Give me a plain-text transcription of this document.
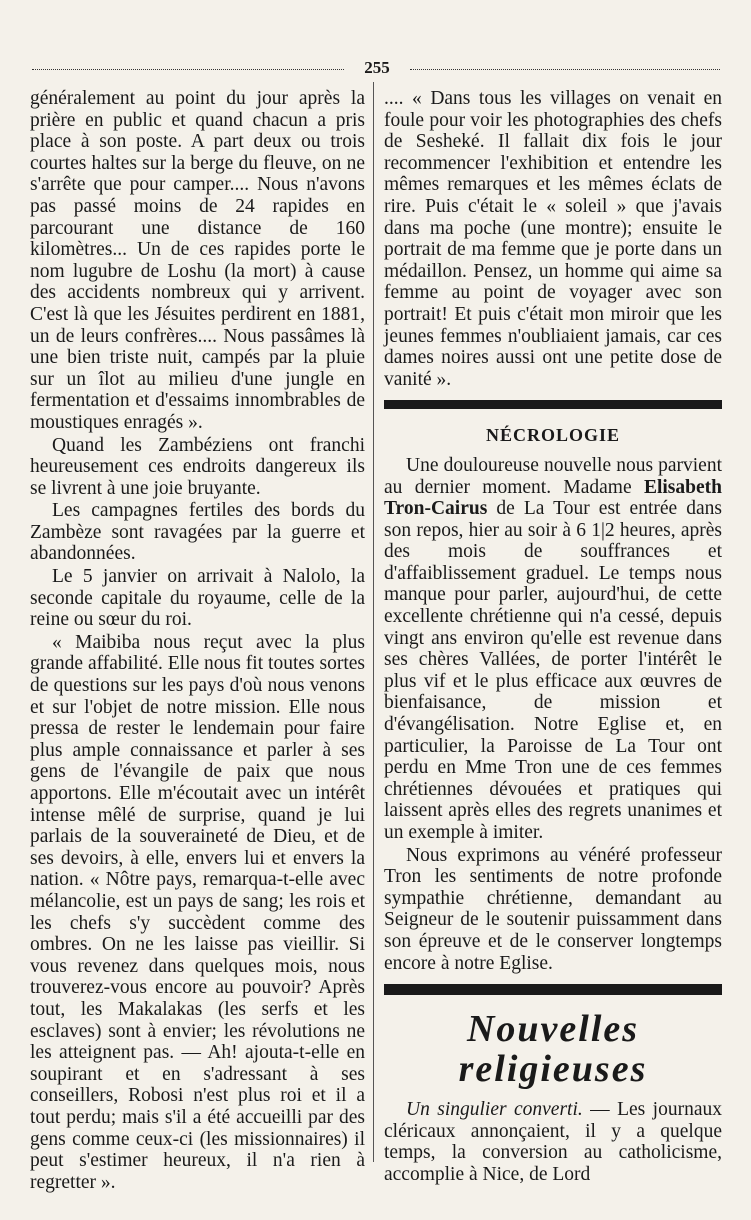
255

généralement au point du jour après la prière en public et quand chacun a pris place à son poste. A part deux ou trois courtes haltes sur la berge du fleuve, on ne s'arrête que pour camper.... Nous n'avons pas passé moins de 24 rapides en parcourant une distance de 160 kilomètres... Un de ces rapides porte le nom lugubre de Loshu (la mort) à cause des accidents nombreux qui y arrivent. C'est là que les Jésuites perdirent en 1881, un de leurs confrères.... Nous passâmes là une bien triste nuit, campés par la pluie sur un îlot au milieu d'une jungle en fermentation et d'essaims innombrables de moustiques enragés ».

Quand les Zambéziens ont franchi heureusement ces endroits dangereux ils se livrent à une joie bruyante.

Les campagnes fertiles des bords du Zambèze sont ravagées par la guerre et abandonnées.

Le 5 janvier on arrivait à Nalolo, la seconde capitale du royaume, celle de la reine ou sœur du roi.

« Maibiba nous reçut avec la plus grande affabilité. Elle nous fit toutes sortes de questions sur les pays d'où nous venons et sur l'objet de notre mission. Elle nous pressa de rester le lendemain pour faire plus ample connaissance et parler à ses gens de l'évangile de paix que nous apportons. Elle m'écoutait avec un intérêt intense mêlé de surprise, quand je lui parlais de la souveraineté de Dieu, et de ses devoirs, à elle, envers lui et envers la nation. « Nôtre pays, remarqua-t-elle avec mélancolie, est un pays de sang; les rois et les chefs s'y succèdent comme des ombres. On ne les laisse pas vieillir. Si vous revenez dans quelques mois, nous trouverez-vous encore au pouvoir? Après tout, les Makalakas (les serfs et les esclaves) sont à envier; les révolutions ne les atteignent pas. — Ah! ajouta-t-elle en soupirant et en s'adressant à ses conseillers, Robosi n'est plus roi et il a tout perdu; mais s'il a été accueilli par des gens comme ceux-ci (les missionnaires) il peut s'estimer heureux, il n'a rien à regretter ».

.... « Dans tous les villages on venait en foule pour voir les photographies des chefs de Sesheké. Il fallait dix fois le jour recommencer l'exhibition et entendre les mêmes remarques et les mêmes éclats de rire. Puis c'était le « soleil » que j'avais dans ma poche (une montre); ensuite le portrait de ma femme que je porte dans un médaillon. Pensez, un homme qui aime sa femme au point de voyager avec son portrait! Et puis c'était mon miroir que les jeunes femmes n'oubliaient jamais, car ces dames noires aussi ont une petite dose de vanité ».

NÉCROLOGIE

Une douloureuse nouvelle nous parvient au dernier moment. Madame Elisabeth Tron-Cairus de La Tour est entrée dans son repos, hier au soir à 6 1|2 heures, après des mois de souffrances et d'affaiblissement graduel. Le temps nous manque pour parler, aujourd'hui, de cette excellente chrétienne qui n'a cessé, depuis vingt ans environ qu'elle est revenue dans ses chères Vallées, de porter l'intérêt le plus vif et le plus efficace aux œuvres de bienfaisance, de mission et d'évangélisation. Notre Eglise et, en particulier, la Paroisse de La Tour ont perdu en Mme Tron une de ces femmes chrétiennes dévouées et pratiques qui laissent après elles des regrets unanimes et un exemple à imiter.

Nous exprimons au vénéré professeur Tron les sentiments de notre profonde sympathie chrétienne, demandant au Seigneur de le soutenir puissamment dans son épreuve et de le conserver longtemps encore à notre Eglise.

Nouvelles religieuses

Un singulier converti. — Les journaux cléricaux annonçaient, il y a quelque temps, la conversion au catholicisme, accomplie à Nice, de Lord
